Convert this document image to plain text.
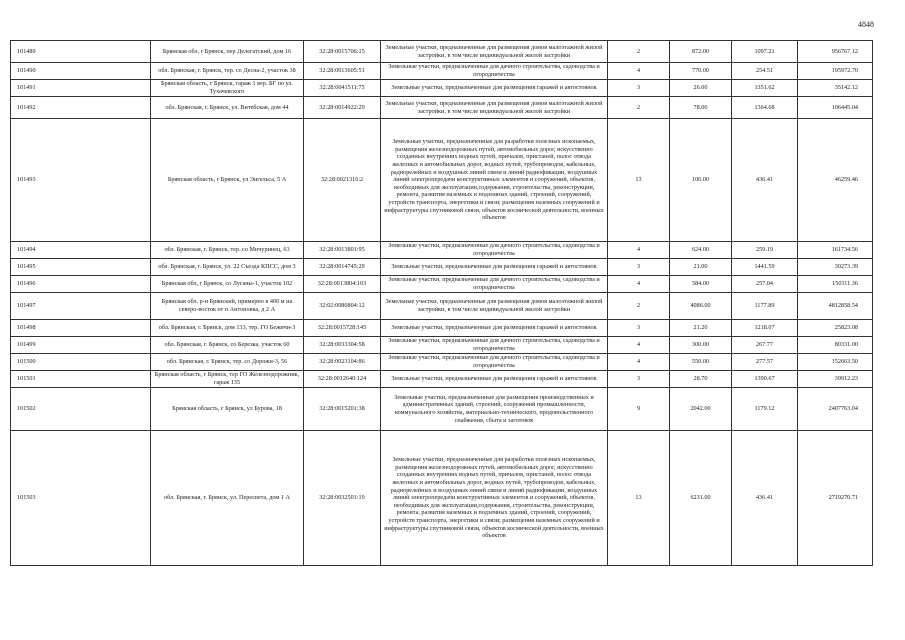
4848
101489	Брянская обл, г Брянск, пер Делегатский, дом 16	32:28:0015706:15	Земельные участки, предназначенные для размещения домов малоэтажной жилой застройки, в том числе индивидуальной жилой застройки	2	872.00	1097.21	956767.12
101490	обл. Брянская, г. Брянск, тер. со Десна-2, участок 38	32:28:0013605:51	Земельные участки, предназначенные для дачного строительства, садоводства и огородничества	4	770.00	254.51	195972.70
101491	Брянская область, г Брянск, гараж 1 вер. БГ по ул. Тухачевского	32:28:0041511:75	Земельные участки, предназначенные для размещения гаражей и автостоянок	3	26.00	1351.62	35142.12
101492	обл. Брянская, г. Брянск, ул. Витебская, дом 44	32:28:0014922:29	Земельные участки, предназначенные для размещения домов малоэтажной жилой застройки, в том числе индивидуальной жилой застройки	2	78.00	1364.68	106445.04
101493	Брянская область, г Брянск, ул Энгельса, 5 А	32:28:0021316:2	Земельные участки, предназначенные для разработки полезных ископаемых, размещения железнодорожных путей, автомобильных дорог, искусственно созданных внутренних водных путей, причалов, пристаней, полос отвода железных и автомобильных дорог, водных путей, трубопроводов, кабельных, радиорелейных и воздушных линий связи и линий радиофикации, воздушных линий электропередачи конструктивных элементов и сооружений, объектов, необходимых для эксплуатации,содержания, строительства, реконструкции, ремонта, развития наземных и подземных зданий, строений, сооружений, устройств транспорта, энергетики и связи; размещения наземных сооружений и инфраструктуры спутниковой связи, объектов космической деятельности, военных объектов	13	106.00	436.41	46259.46
101494	обл. Брянская, г. Брянск, тер. со Мичуринец, 63	32:28:0013801:95	Земельные участки, предназначенные для дачного строительства, садоводства и огородничества	4	624.00	259.19	161734.56
101495	обл. Брянская, г. Брянск, ул. 22 Съезда КПСС, дом 3	32:28:0014745:29	Земельные участки, предназначенные для размещения гаражей и автостоянок	3	21.00	1441.59	30273.39
101496	Брянская обл, г Брянск, со Луганы-1, участок 102	32:28:0013804:103	Земельные участки, предназначенные для дачного строительства, садоводства и огородничества	4	584.00	257.04	150111.36
101497	Брянская обл. р-н Брянский, примерно в 400 м на северо-восток от п Антоновка, д 2 А	32:02:0080804:12	Земельные участки, предназначенные для размещения домов малоэтажной жилой застройки, в том числе индивидуальной жилой застройки	2	4086.00	1177.89	4812858.54
101498	обл. Брянская, г. Брянск, дом 133, тер. ГО Бежичи-3	32:28:0015728:145	Земельные участки, предназначенные для размещения гаражей и автостоянок	3	21.20	1218.07	25823.08
101499	обл. Брянская, г. Брянск, со Березка, участок 60	32:28:0033304:58	Земельные участки, предназначенные для дачного строительства, садоводства и огородничества	4	300.00	267.77	80331.00
101500	обл. Брянская, г. Брянск, тер. со Дорожн-3, 56	32:28:0023104:86	Земельные участки, предназначенные для дачного строительства, садоводства и огородничества	4	550.00	277.57	152663.50
101501	Брянская область, г Брянск, тер ГО Железнодорожник, гараж 135	32:28:0012640:124	Земельные участки, предназначенные для размещения гаражей и автостоянок	3	28.70	1390.67	39912.23
101502	Брянская область, г Брянск, ул Бурова, 18	32:28:0015201:38	Земельные участки, предназначенные для размещения производственных и административных зданий, строений, сооружений промышленности, коммунального хозяйства, материально-технического, продовольственного снабжения, сбыта и заготовок	9	2042.00	1179.12	2407763.04
101503	обл. Брянская, г. Брянск, ул. Пересвета, дом 1 А	32:28:0032501:19	Земельные участки, предназначенные для разработки полезных ископаемых, размещения железнодорожных путей, автомобильных дорог, искусственно созданных внутренних водных путей, причалов, пристаней, полос отвода железных и автомобильных дорог, водных путей, трубопроводов, кабельных, радиорелейных и воздушных линий связи и линий радиофикации, воздушных линий электропередачи конструктивных элементов и сооружений, объектов, необходимых для эксплуатации,содержания, строительства, реконструкции, ремонта, развития наземных и подземных зданий, строений, сооружений, устройств транспорта, энергетики и связи; размещения наземных сооружений и инфраструктуры спутниковой связи, объектов космической деятельности, военных объектов	13	6231.00	436.41	2719270.71
